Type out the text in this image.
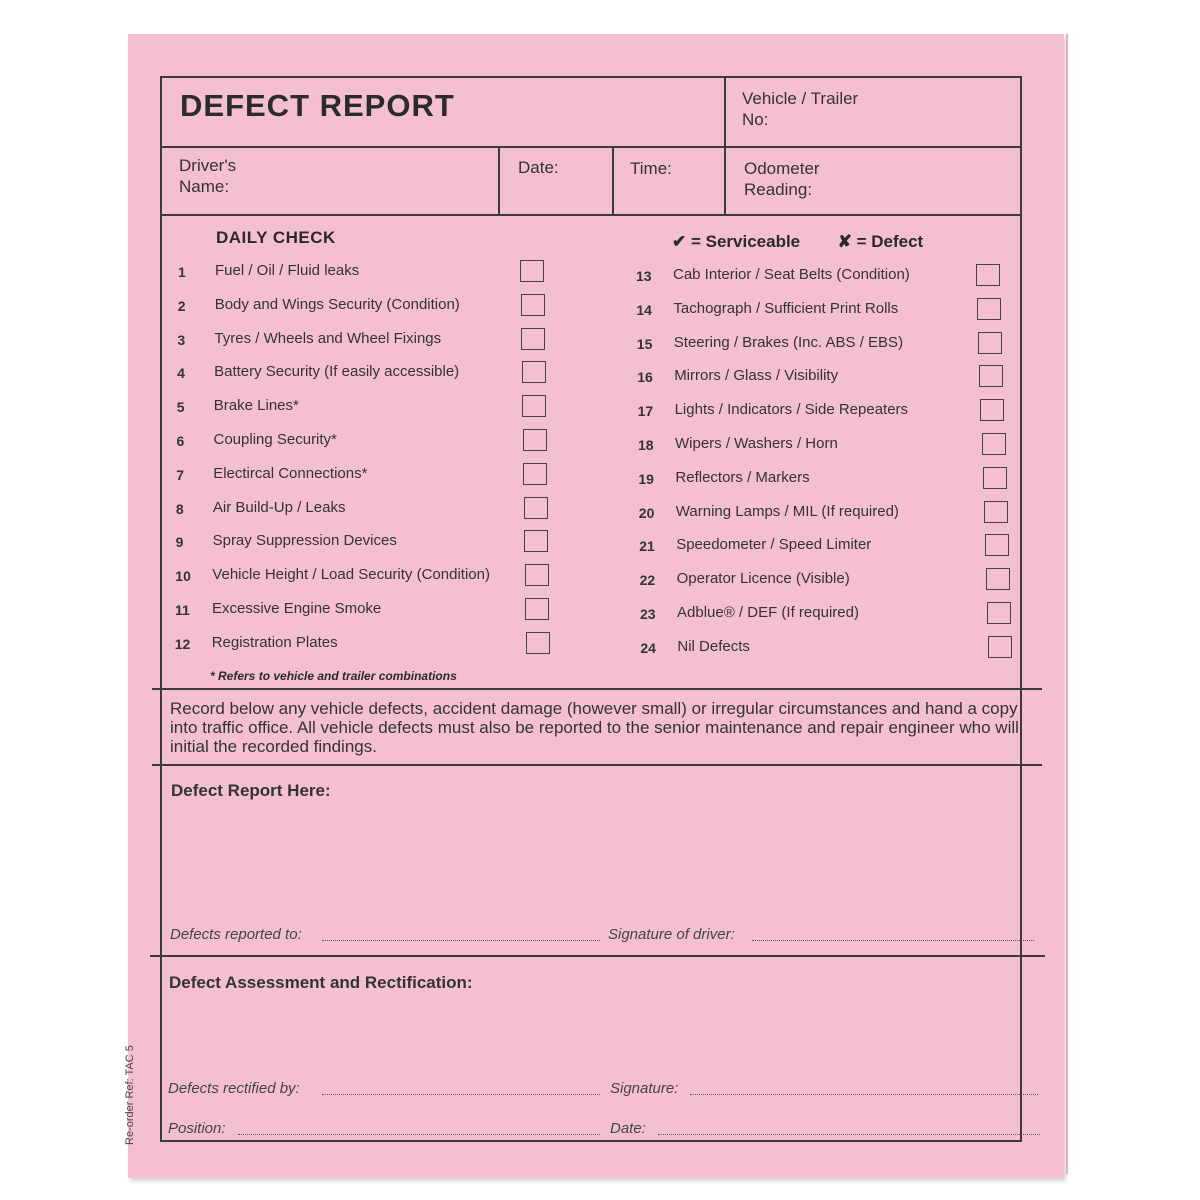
DEFECT REPORT	Vehicle / Trailer
No:
Driver's
Name:
Date:	Time:	Odometer
Reading:
DAILY CHECK	✔ = Serviceable ✘ = Defect
1	Fuel / Oil / Fluid leaks
2	Body and Wings Security (Condition)
3	Tyres / Wheels and Wheel Fixings
4	Battery Security (If easily accessible)
5	Brake Lines*
6	Coupling Security*
7	Electircal Connections*
8	Air Build-Up / Leaks
9	Spray Suppression Devices
10	Vehicle Height / Load Security (Condition)
11	Excessive Engine Smoke
12	Registration Plates
13	Cab Interior / Seat Belts (Condition)
14	Tachograph / Sufficient Print Rolls
15	Steering / Brakes (Inc. ABS / EBS)
16	Mirrors / Glass / Visibility
17	Lights / Indicators / Side Repeaters
18	Wipers / Washers / Horn
19	Reflectors / Markers
20	Warning Lamps / MIL (If required)
21	Speedometer / Speed Limiter
22	Operator Licence (Visible)
23	Adblue® / DEF (If required)
24	Nil Defects
* Refers to vehicle and trailer combinations
Record below any vehicle defects, accident damage (however small) or irregular circumstances and hand a copy into traffic office. All vehicle defects must also be reported to the senior maintenance and repair engineer who will initial the recorded findings.
Defect Report Here:
Defects reported to:	Signature of driver:
Defect Assessment and Rectification:
Defects rectified by:	Signature:
Position:	Date:
Re-order Ref: TAC 5
